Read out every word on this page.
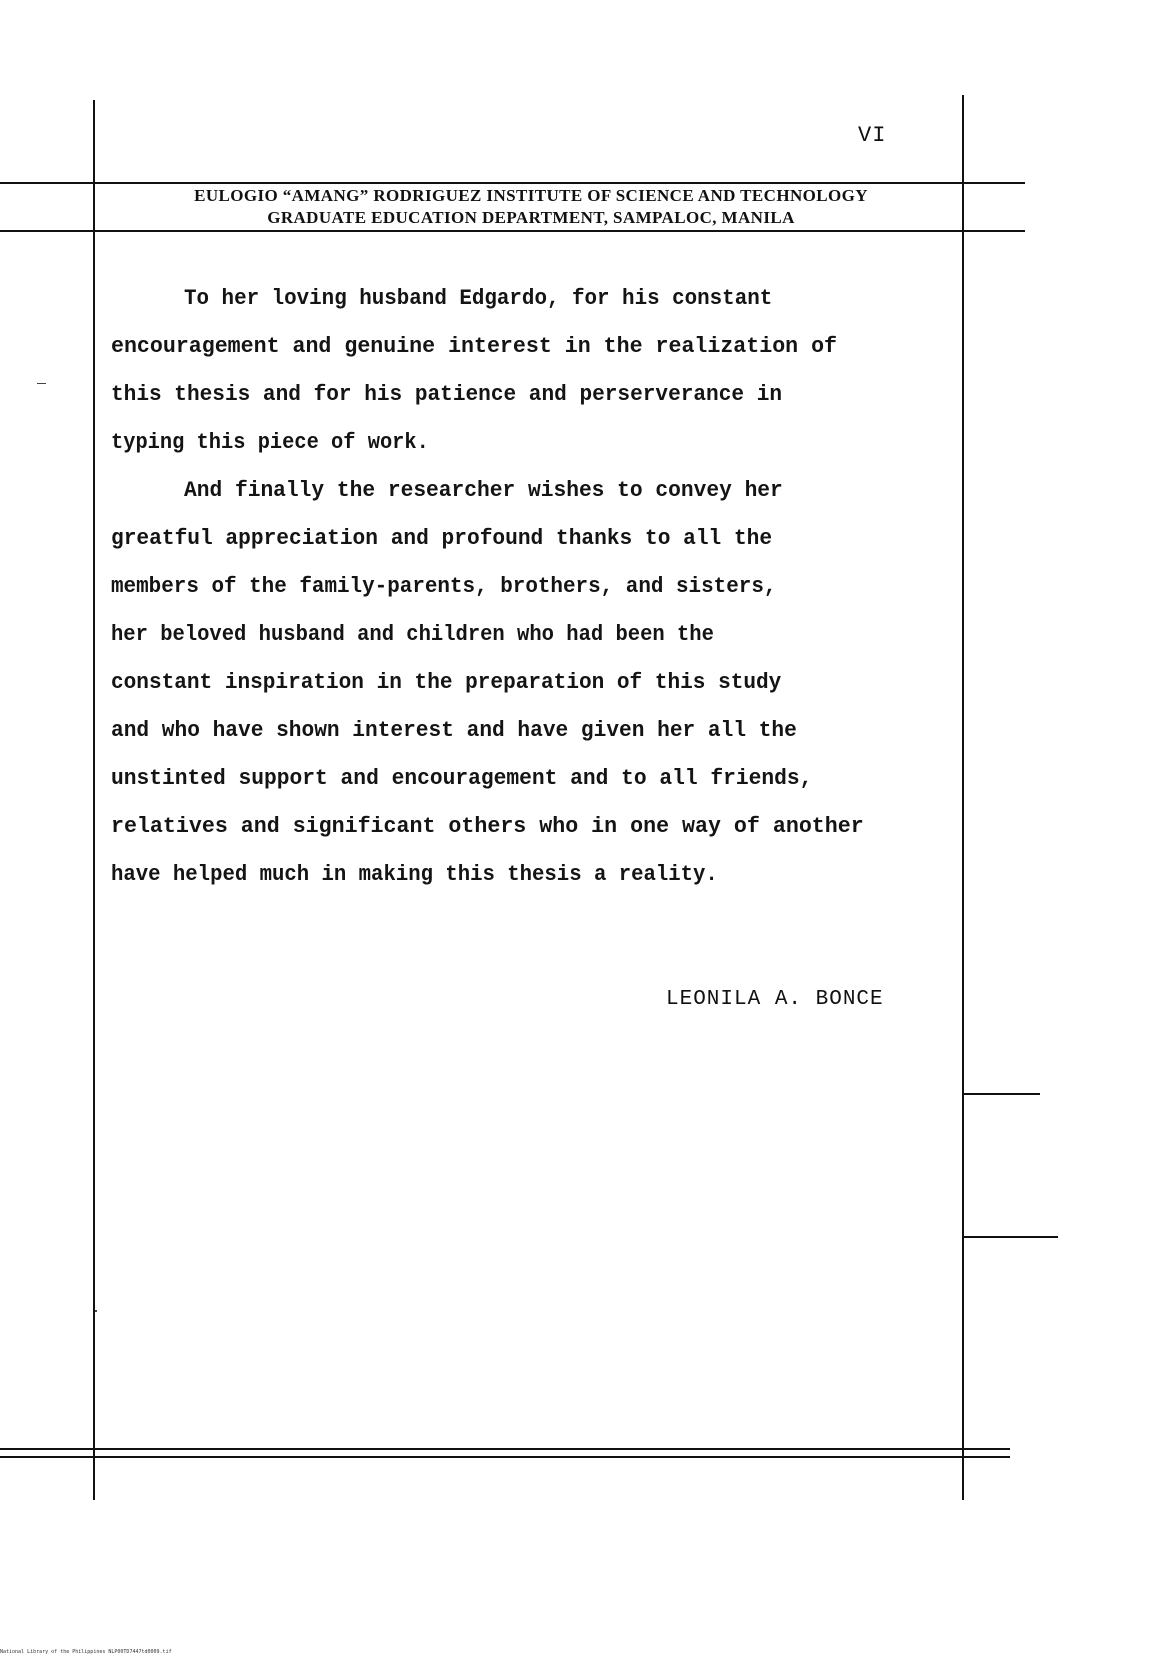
VI
EULOGIO “AMANG” RODRIGUEZ INSTITUTE OF SCIENCE AND TECHNOLOGY
GRADUATE EDUCATION DEPARTMENT, SAMPALOC, MANILA
To her loving husband Edgardo, for his constant
encouragement and genuine interest in the realization of
this thesis and for his patience and perserverance in
typing this piece of work.
And finally the researcher wishes to convey her
greatful appreciation and profound thanks to all the
members of the family-parents, brothers, and sisters,
her beloved husband and children who had been the
constant inspiration in the preparation of this study
and who have shown interest and have given her all the
unstinted support and encouragement and to all friends,
relatives and significant others who in one way of another
have helped much in making this thesis a reality.
LEONILA A. BONCE
National Library of the Philippines NLP00TD7447td0009.tif
